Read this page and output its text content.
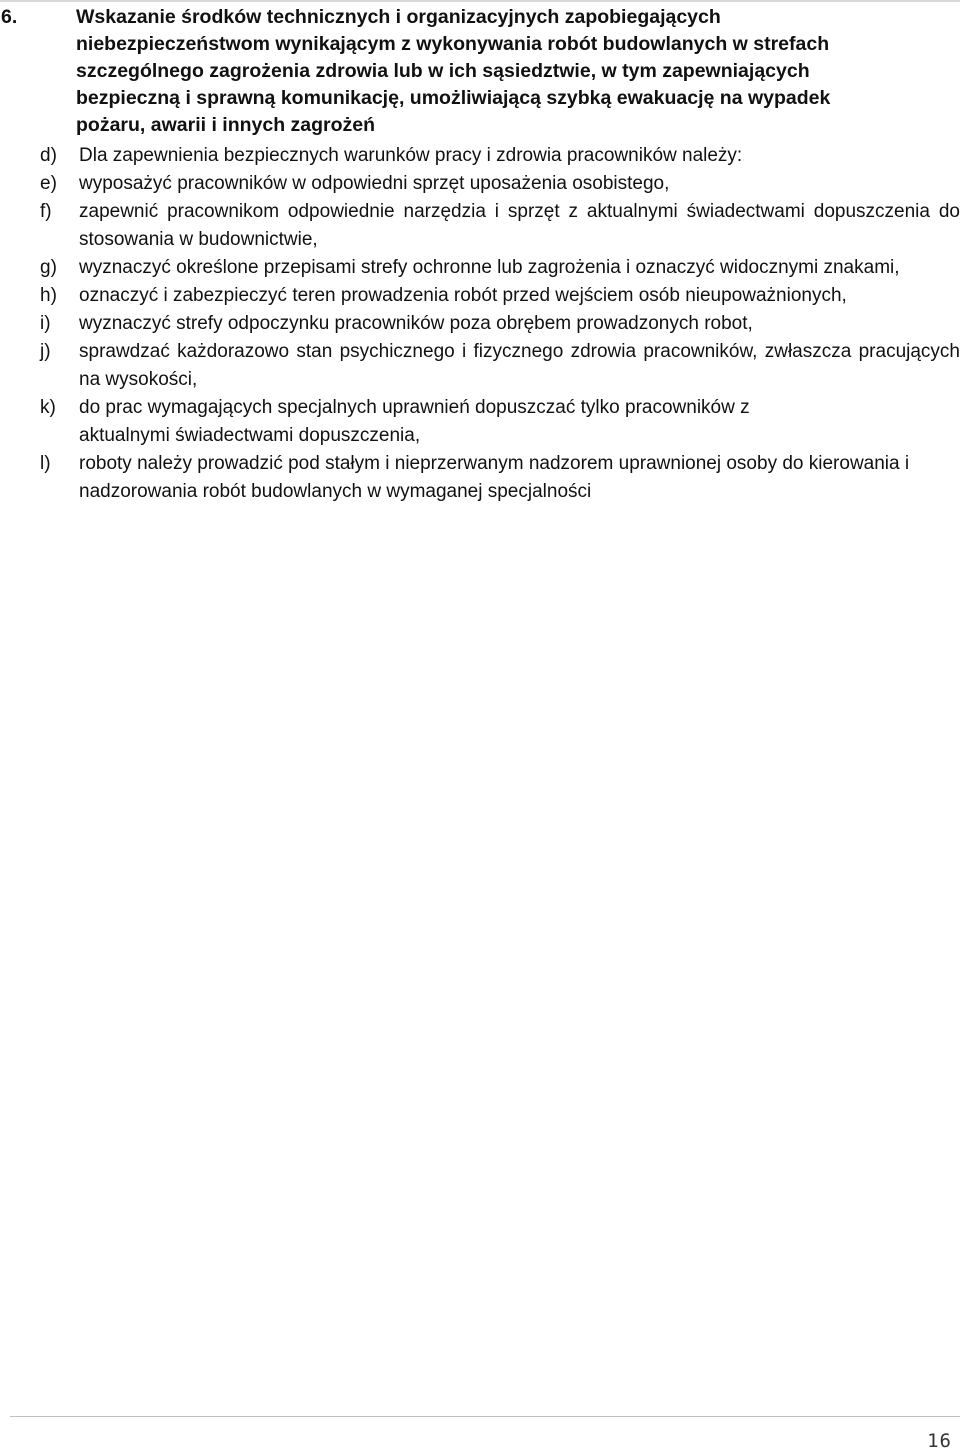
6.	Wskazanie środków technicznych i organizacyjnych zapobiegających niebezpieczeństwom wynikającym z wykonywania robót budowlanych w strefach szczególnego zagrożenia zdrowia lub w ich sąsiedztwie, w tym zapewniających bezpieczną i sprawną komunikację, umożliwiającą szybką ewakuację na wypadek pożaru, awarii i innych zagrożeń
d)	Dla zapewnienia bezpiecznych warunków pracy i zdrowia pracowników należy:
e)	wyposażyć pracowników w odpowiedni sprzęt uposażenia osobistego,
f)	zapewnić pracownikom odpowiednie narzędzia i sprzęt z aktualnymi świadectwami dopuszczenia do stosowania w budownictwie,
g)	wyznaczyć określone przepisami strefy ochronne lub zagrożenia i oznaczyć widocznymi znakami,
h)	oznaczyć i zabezpieczyć teren prowadzenia robót przed wejściem osób nieupoważnionych,
i)	wyznaczyć strefy odpoczynku pracowników poza obrębem prowadzonych robot,
j)	sprawdzać każdorazowo stan psychicznego i fizycznego zdrowia pracowników, zwłaszcza pracujących na wysokości,
k)	do prac wymagających specjalnych uprawnień dopuszczać tylko pracowników z aktualnymi świadectwami dopuszczenia,
l)	roboty należy prowadzić pod stałym i nieprzerwanym nadzorem uprawnionej osoby do kierowania i nadzorowania robót budowlanych w wymaganej specjalności
16
